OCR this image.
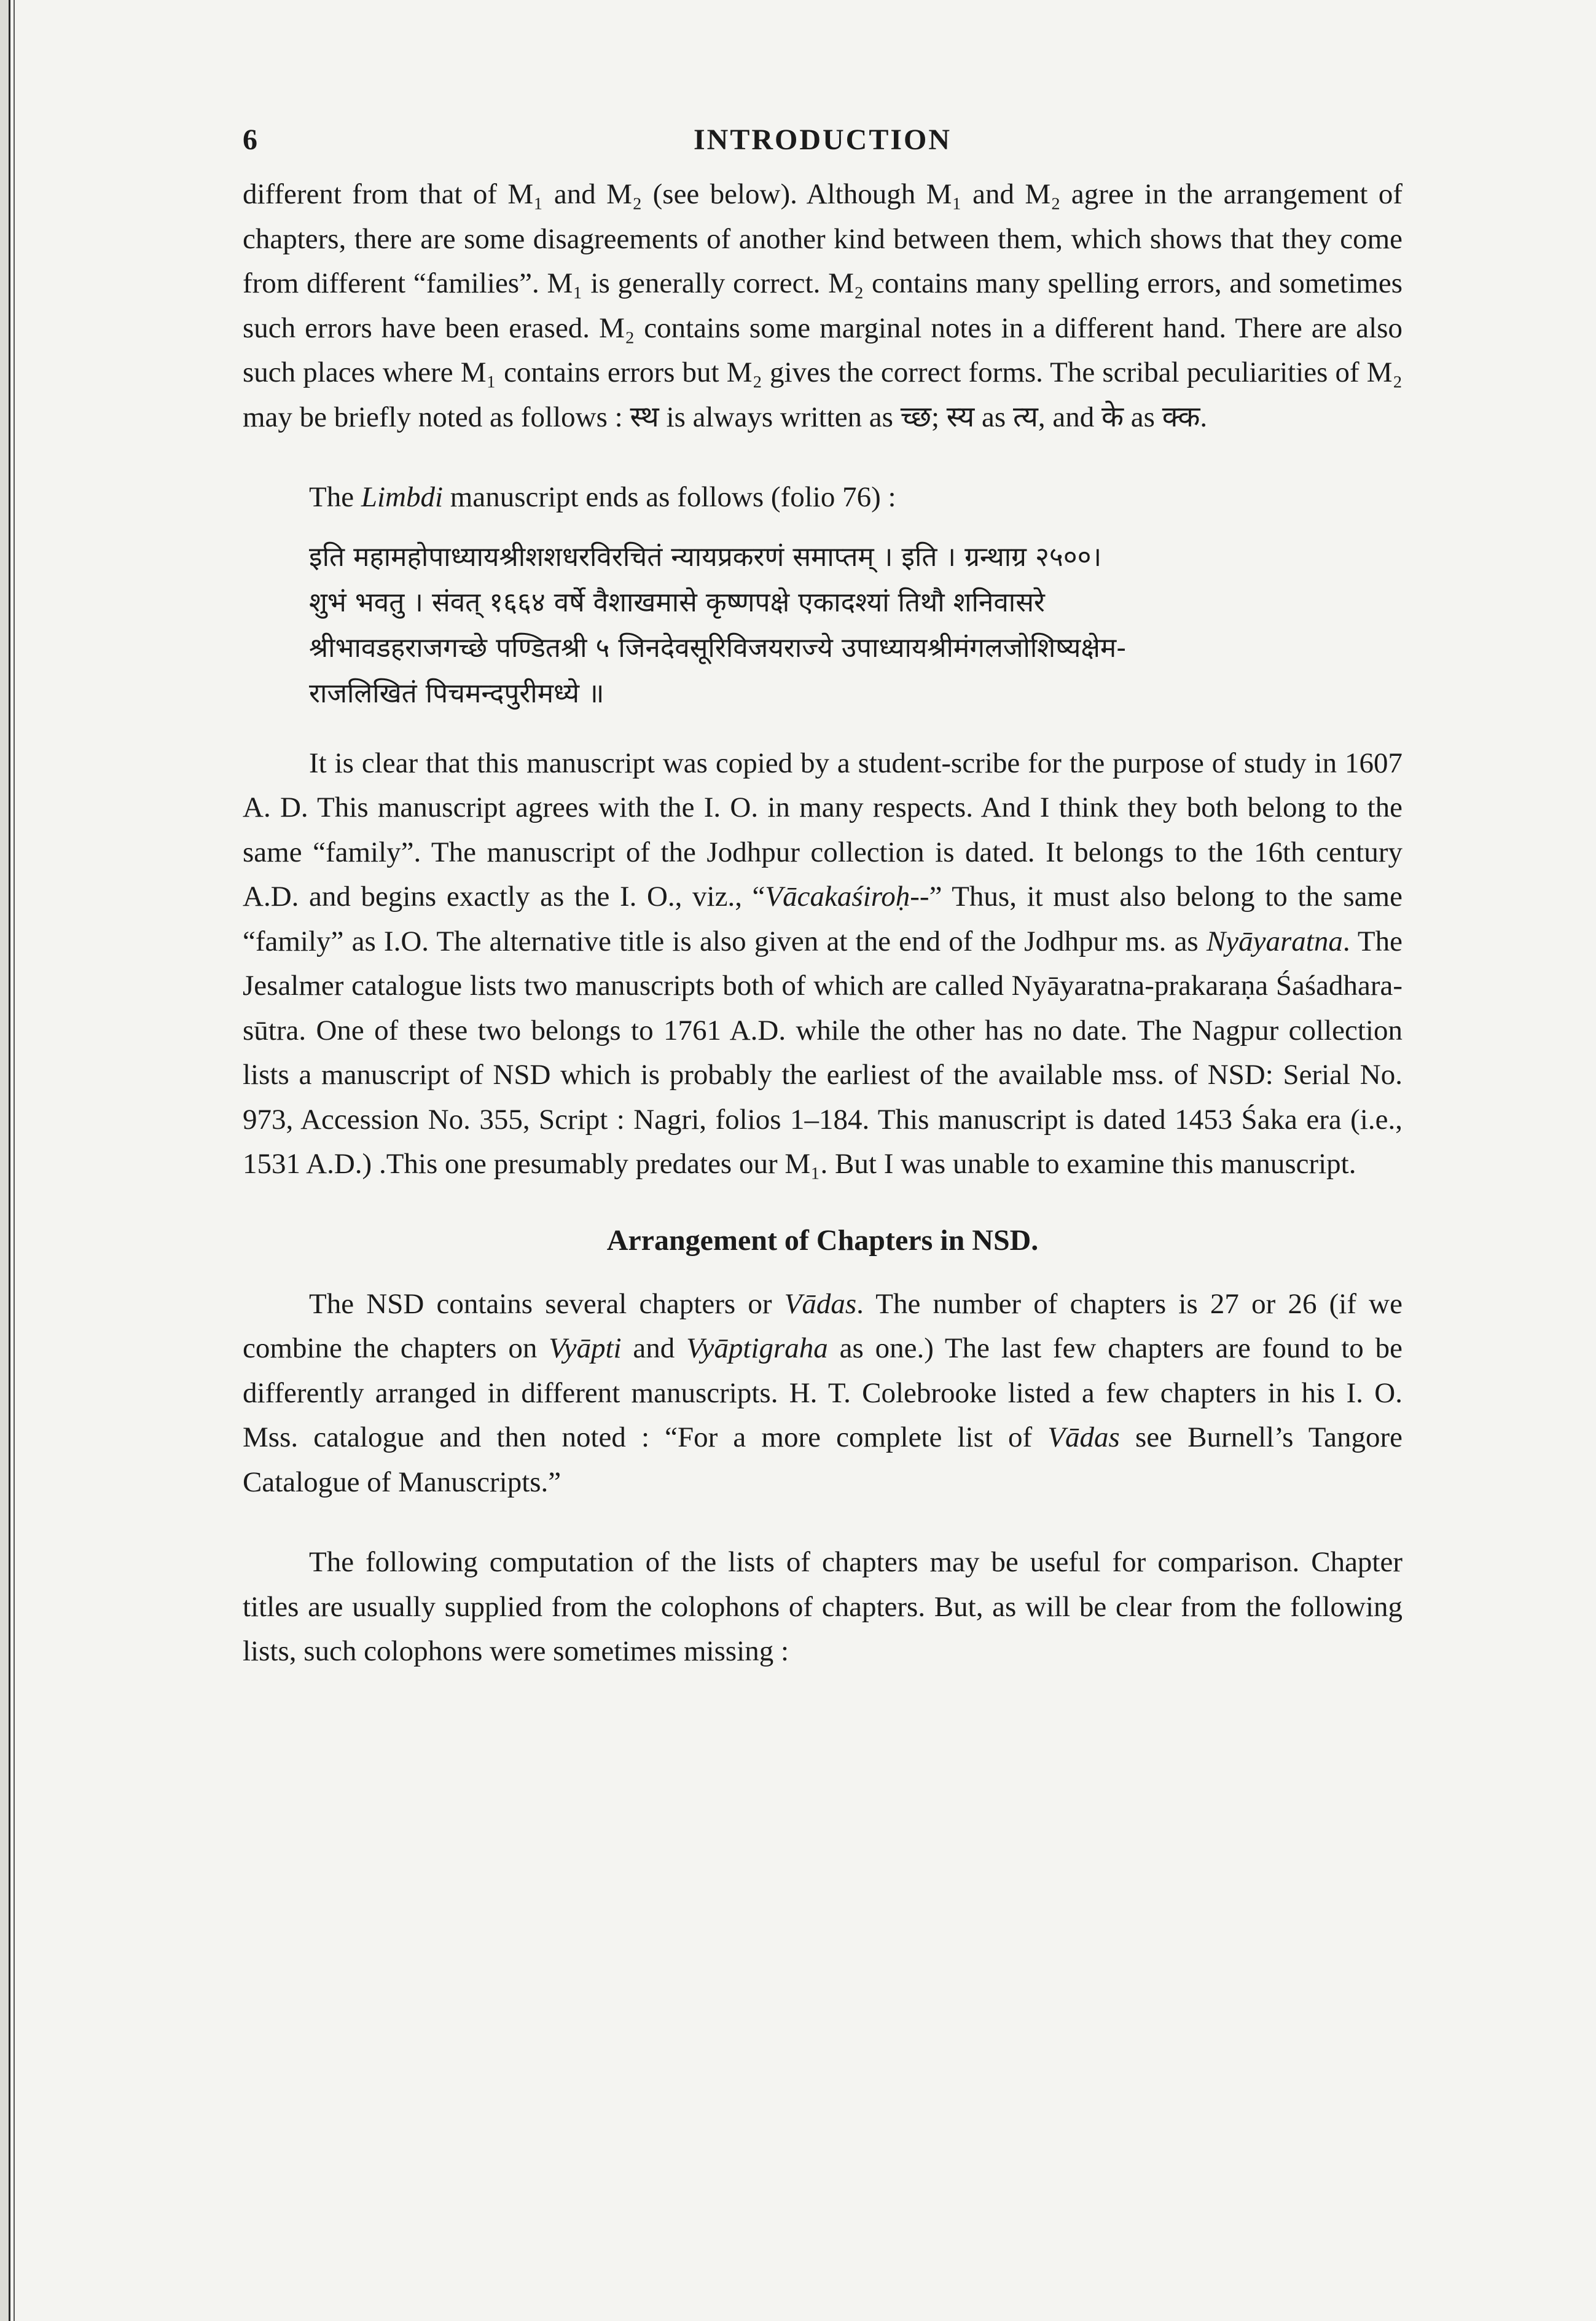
6	INTRODUCTION

different from that of M₁ and M₂ (see below). Although M₁ and M₂ agree in the arrangement of chapters, there are some disagreements of another kind between them, which shows that they come from different “families”. M₁ is generally correct. M₂ contains many spelling errors, and sometimes such errors have been erased. M₂ contains some marginal notes in a different hand. There are also such places where M₁ contains errors but M₂ gives the correct forms. The scribal peculiarities of M₂ may be briefly noted as follows : स्थ is always written as च्छ; स्य as त्य, and के as क्क.

The Limbdi manuscript ends as follows (folio 76) :

इति महामहोपाध्यायश्रीशशधरविरचितं न्यायप्रकरणं समाप्तम् । इति । ग्रन्थाग्र २५००।
शुभं भवतु । संवत् १६६४ वर्षे वैशाखमासे कृष्णपक्षे एकादश्यां तिथौ शनिवासरे
श्रीभावडहराजगच्छे पण्डितश्री ५ जिनदेवसूरिविजयराज्ये उपाध्यायश्रीमंगलजोशिष्यक्षेम-
राजलिखितं पिचमन्दपुरीमध्ये ॥

It is clear that this manuscript was copied by a student-scribe for the purpose of study in 1607 A. D. This manuscript agrees with the I. O. in many respects. And I think they both belong to the same “family”. The manuscript of the Jodhpur collection is dated. It belongs to the 16th century A.D. and begins exactly as the I. O., viz., “Vācakaśiroḥ--” Thus, it must also belong to the same “family” as I.O. The alternative title is also given at the end of the Jodhpur ms. as Nyāyaratna. The Jesalmer catalogue lists two manuscripts both of which are called Nyāyaratna-prakaraṇa Śaśadhara-sūtra. One of these two belongs to 1761 A.D. while the other has no date. The Nagpur collection lists a manuscript of NSD which is probably the earliest of the available mss. of NSD: Serial No. 973, Accession No. 355, Script : Nagri, folios 1–184. This manuscript is dated 1453 Śaka era (i.e., 1531 A.D.) .This one presumably predates our M₁. But I was unable to examine this manuscript.

Arrangement of Chapters in NSD.

The NSD contains several chapters or Vādas. The number of chapters is 27 or 26 (if we combine the chapters on Vyāpti and Vyāptigraha as one.) The last few chapters are found to be differently arranged in different manuscripts. H. T. Colebrooke listed a few chapters in his I. O. Mss. catalogue and then noted : “For a more complete list of Vādas see Burnell’s Tangore Catalogue of Manuscripts.”

The following computation of the lists of chapters may be useful for comparison. Chapter titles are usually supplied from the colophons of chapters. But, as will be clear from the following lists, such colophons were sometimes missing :
